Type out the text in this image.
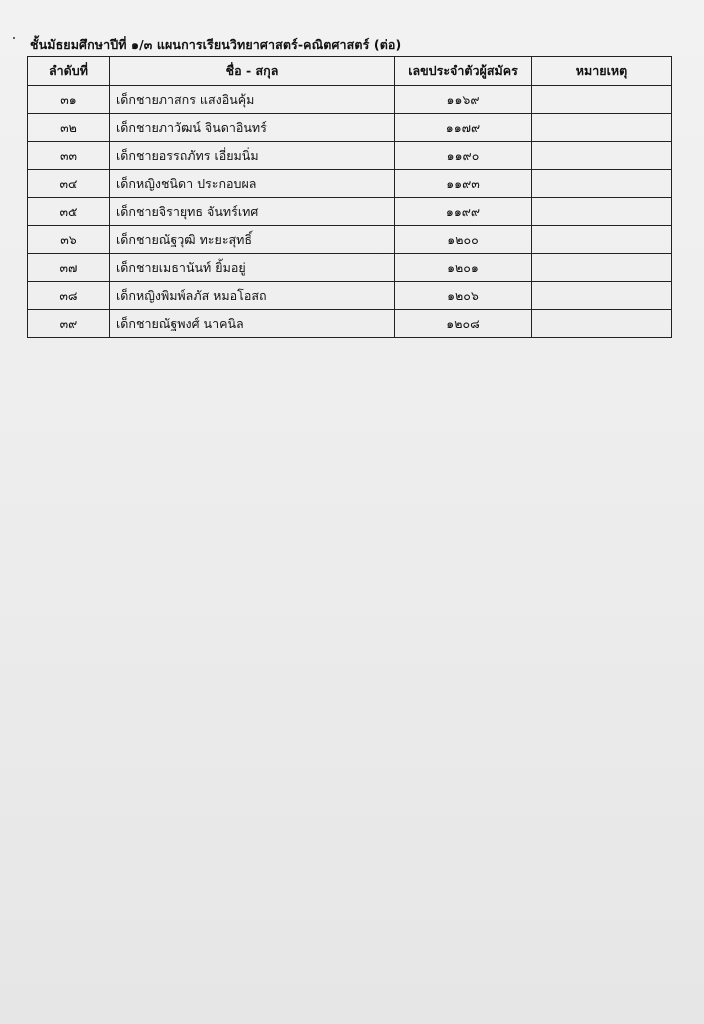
ชั้นมัธยมศึกษาปีที่ ๑/๓ แผนการเรียนวิทยาศาสตร์-คณิตศาสตร์ (ต่อ)
ลำดับที่	ชื่อ - สกุล	เลขประจำตัวผู้สมัคร	หมายเหตุ
๓๑	เด็กชายภาสกร แสงอินคุ้ม	๑๑๖๙	
๓๒	เด็กชายภาวัฒน์ จินดาอินทร์	๑๑๗๙	
๓๓	เด็กชายอรรถภัทร เอี่ยมนิ่ม	๑๑๙๐	
๓๔	เด็กหญิงชนิดา ประกอบผล	๑๑๙๓	
๓๕	เด็กชายจิรายุทธ จันทร์เทศ	๑๑๙๙	
๓๖	เด็กชายณัฐวุฒิ ทะยะสุทธิ์	๑๒๐๐	
๓๗	เด็กชายเมธานันท์ ยิ้มอยู่	๑๒๐๑	
๓๘	เด็กหญิงพิมพ์ลภัส หมอโอสถ	๑๒๐๖	
๓๙	เด็กชายณัฐพงศ์ นาคนิล	๑๒๐๘	
